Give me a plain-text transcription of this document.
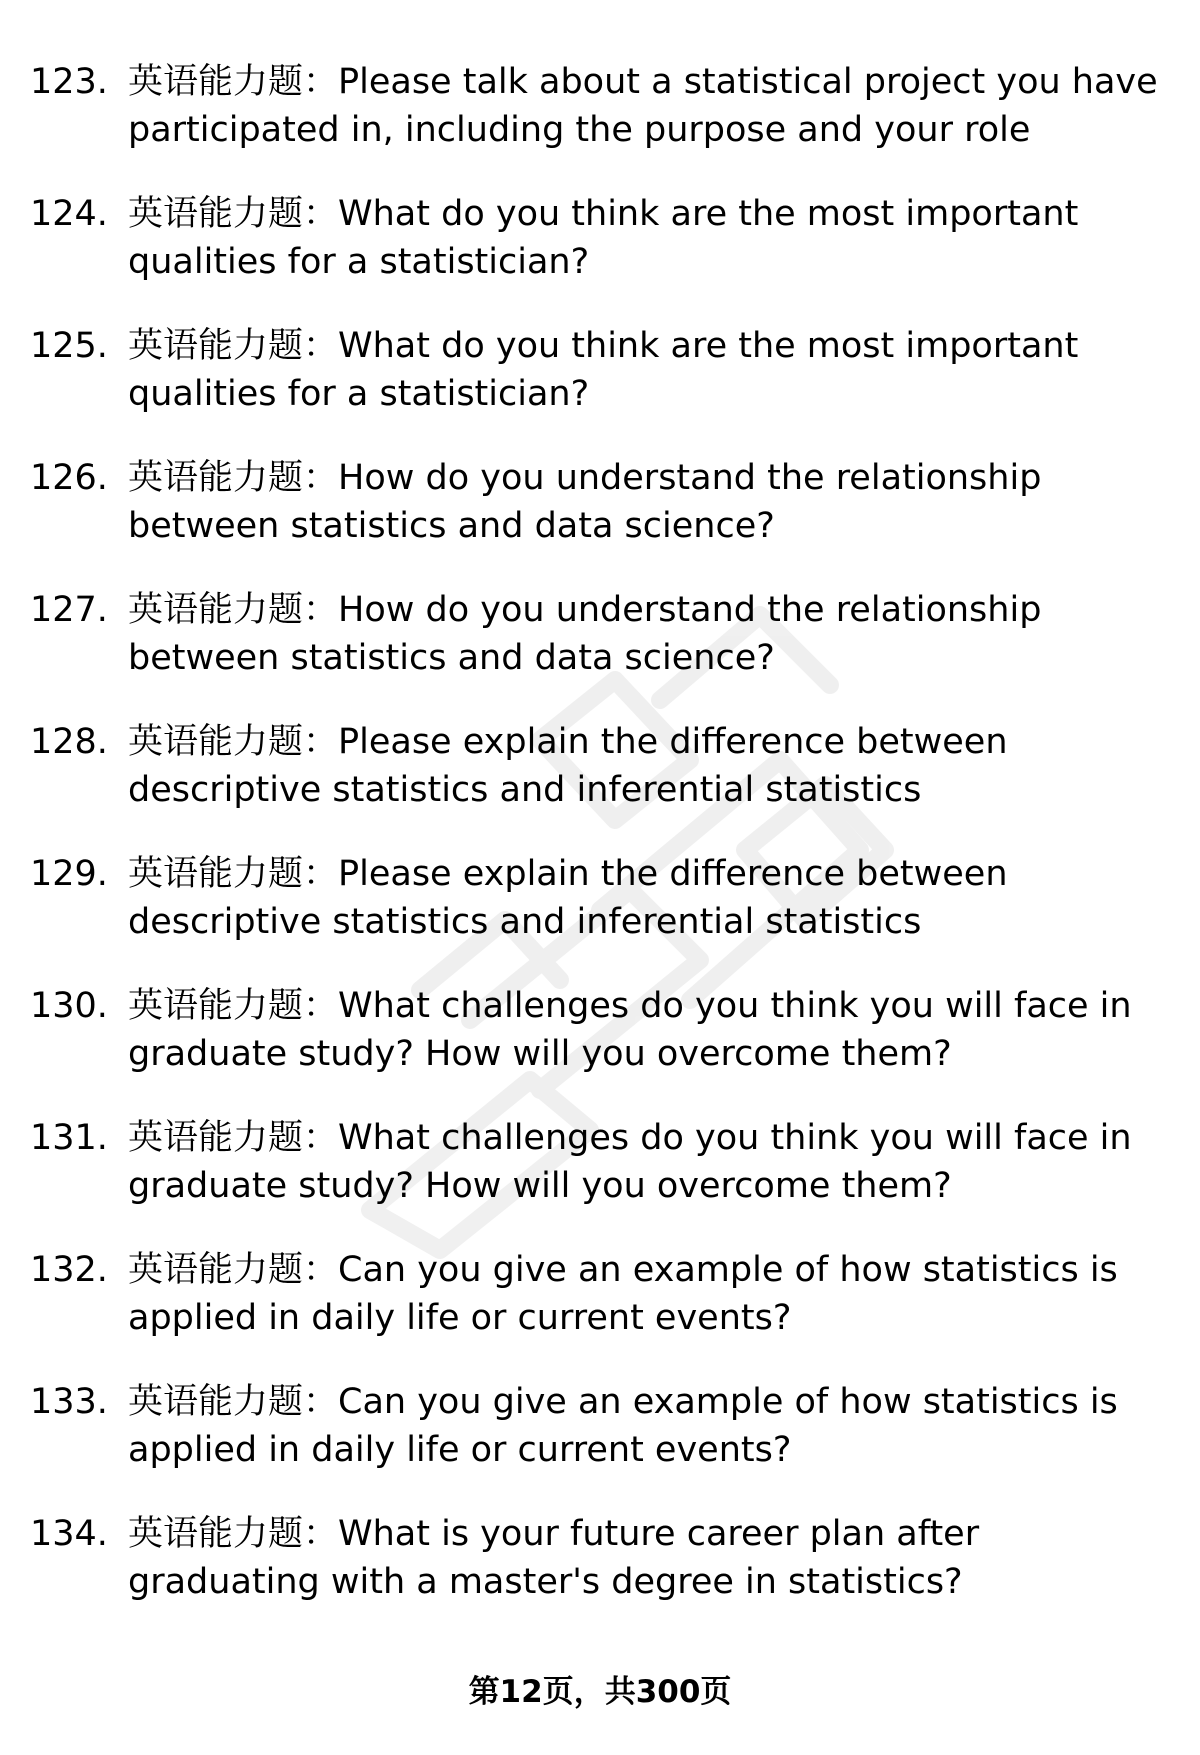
123. 英语能力题：Please talk about a statistical project you have participated in, including the purpose and your role
124. 英语能力题：What do you think are the most important qualities for a statistician?
125. 英语能力题：What do you think are the most important qualities for a statistician?
126. 英语能力题：How do you understand the relationship between statistics and data science?
127. 英语能力题：How do you understand the relationship between statistics and data science?
128. 英语能力题：Please explain the difference between descriptive statistics and inferential statistics
129. 英语能力题：Please explain the difference between descriptive statistics and inferential statistics
130. 英语能力题：What challenges do you think you will face in graduate study? How will you overcome them?
131. 英语能力题：What challenges do you think you will face in graduate study? How will you overcome them?
132. 英语能力题：Can you give an example of how statistics is applied in daily life or current events?
133. 英语能力题：Can you give an example of how statistics is applied in daily life or current events?
134. 英语能力题：What is your future career plan after graduating with a master's degree in statistics?
第12页，共300页
